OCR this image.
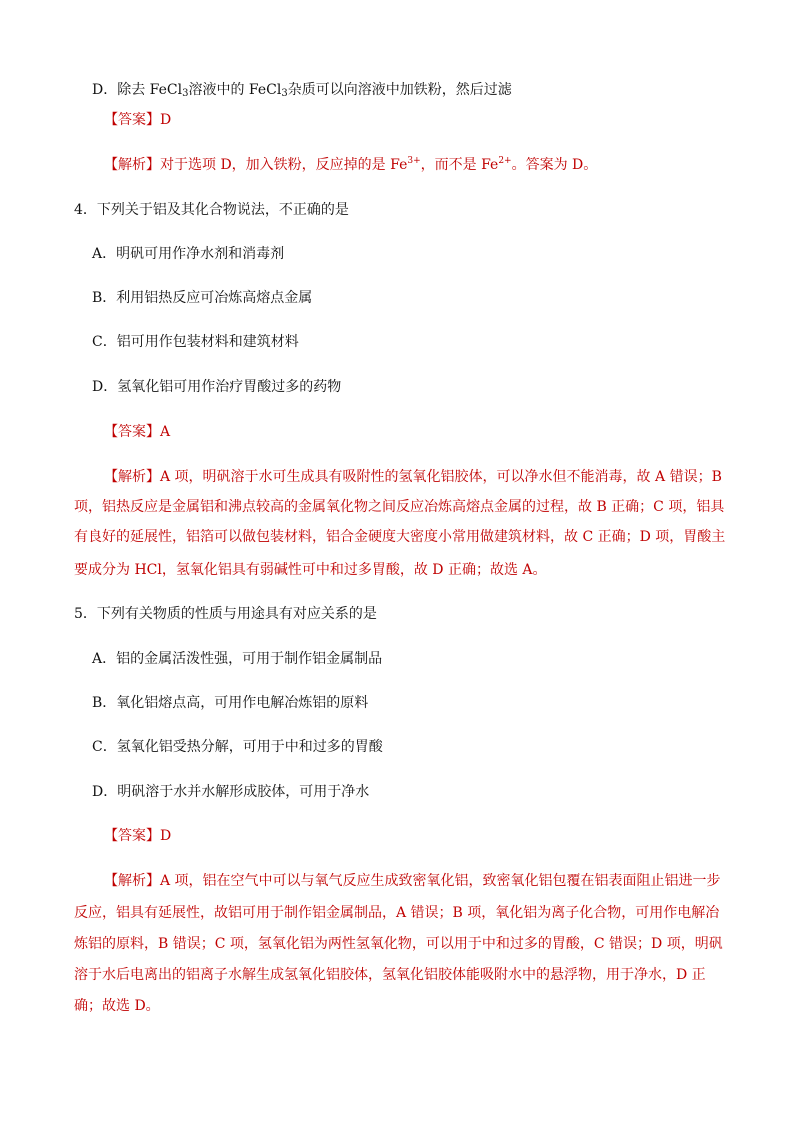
D．除去 FeCl$_3$溶液中的 FeCl$_3$杂质可以向溶液中加铁粉，然后过滤
【答案】D
【解析】对于选项 D，加入铁粉，反应掉的是 $Fe^{3+}$，而不是 $Fe^{2+}$。答案为 D。
4．下列关于铝及其化合物说法，不正确的是
A．明矾可用作净水剂和消毒剂
B．利用铝热反应可冶炼高熔点金属
C．铝可用作包装材料和建筑材料
D．氢氧化铝可用作治疗胃酸过多的药物
【答案】A
【解析】A 项，明矾溶于水可生成具有吸附性的氢氧化铝胶体，可以净水但不能消毒，故 A 错误；B
项，铝热反应是金属铝和沸点较高的金属氧化物之间反应冶炼高熔点金属的过程，故 B 正确；C 项，铝具
有良好的延展性，铝箔可以做包装材料，铝合金硬度大密度小常用做建筑材料，故 C 正确；D 项，胃酸主
要成分为 HCl，氢氧化铝具有弱碱性可中和过多胃酸，故 D 正确；故选 A。
5．下列有关物质的性质与用途具有对应关系的是
A．铝的金属活泼性强，可用于制作铝金属制品
B．氧化铝熔点高，可用作电解冶炼铝的原料
C．氢氧化铝受热分解，可用于中和过多的胃酸
D．明矾溶于水并水解形成胶体，可用于净水
【答案】D
【解析】A 项，铝在空气中可以与氧气反应生成致密氧化铝，致密氧化铝包覆在铝表面阻止铝进一步
反应，铝具有延展性，故铝可用于制作铝金属制品，A 错误；B 项，氧化铝为离子化合物，可用作电解冶
炼铝的原料，B 错误；C 项，氢氧化铝为两性氢氧化物，可以用于中和过多的胃酸，C 错误；D 项，明矾
溶于水后电离出的铝离子水解生成氢氧化铝胶体，氢氧化铝胶体能吸附水中的悬浮物，用于净水，D 正
确；故选 D。
